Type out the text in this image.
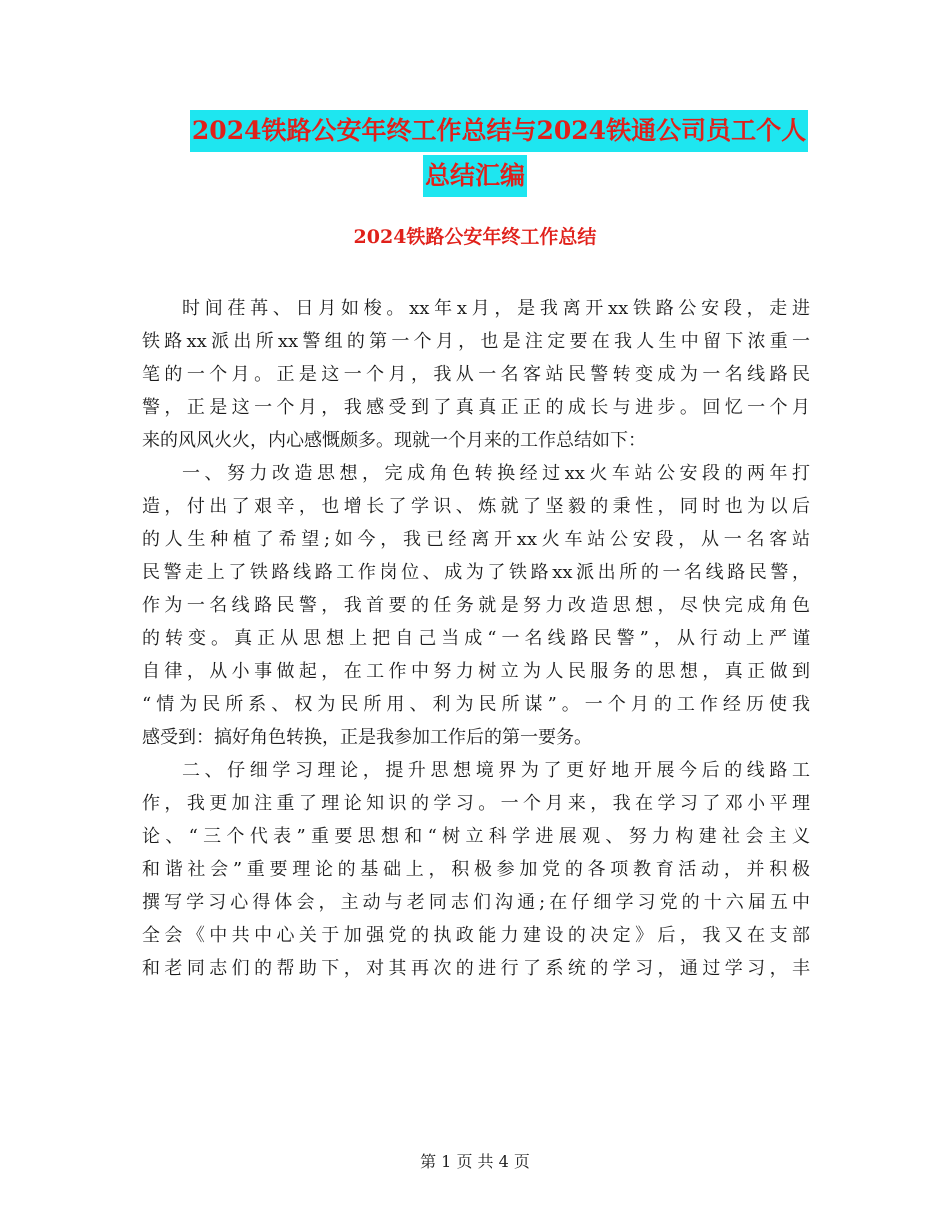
2024铁路公安年终工作总结与2024铁通公司员工个人
总结汇编
2024铁路公安年终工作总结
时间荏苒、日月如梭。xx年x月，是我离开xx铁路公安段，走进
铁路xx派出所xx警组的第一个月，也是注定要在我人生中留下浓重一
笔的一个月。正是这一个月，我从一名客站民警转变成为一名线路民
警，正是这一个月，我感受到了真真正正的成长与进步。回忆一个月
来的风风火火，内心感慨颇多。现就一个月来的工作总结如下：
一、努力改造思想，完成角色转换经过xx火车站公安段的两年打
造，付出了艰辛，也增长了学识、炼就了坚毅的秉性，同时也为以后
的人生种植了希望;如今，我已经离开xx火车站公安段，从一名客站
民警走上了铁路线路工作岗位、成为了铁路xx派出所的一名线路民警，
作为一名线路民警，我首要的任务就是努力改造思想，尽快完成角色
的转变。真正从思想上把自己当成“一名线路民警”，从行动上严谨
自律，从小事做起，在工作中努力树立为人民服务的思想，真正做到
“情为民所系、权为民所用、利为民所谋”。一个月的工作经历使我
感受到：搞好角色转换，正是我参加工作后的第一要务。
二、仔细学习理论，提升思想境界为了更好地开展今后的线路工
作，我更加注重了理论知识的学习。一个月来，我在学习了邓小平理
论、“三个代表”重要思想和“树立科学进展观、努力构建社会主义
和谐社会”重要理论的基础上，积极参加党的各项教育活动，并积极
撰写学习心得体会，主动与老同志们沟通;在仔细学习党的十六届五中
全会《中共中心关于加强党的执政能力建设的决定》后，我又在支部
和老同志们的帮助下，对其再次的进行了系统的学习，通过学习，丰
第 1 页 共 4 页
